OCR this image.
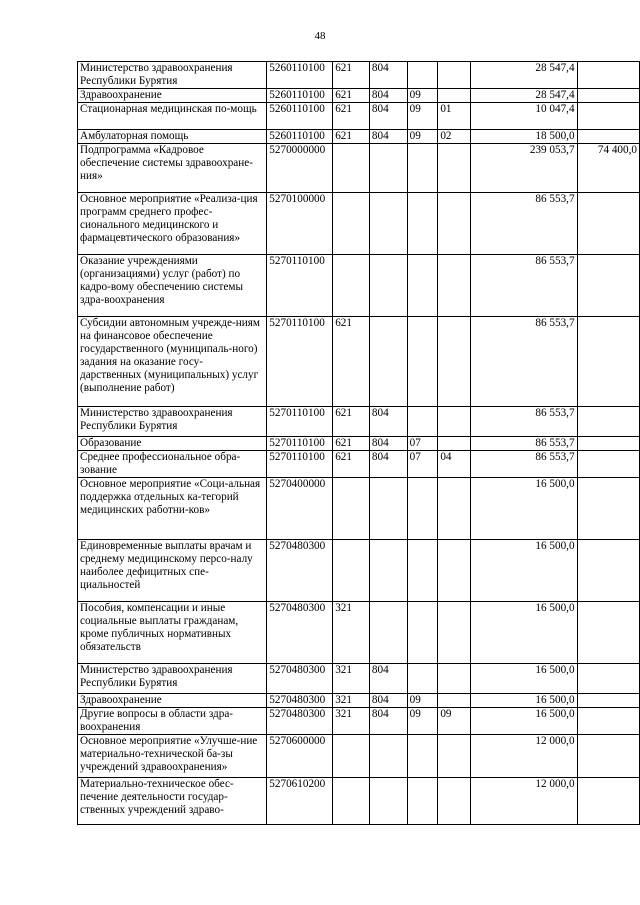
48
Министерство здравоохранения Республики Бурятия	5260110100	621	804			28 547,4	
Здравоохранение	5260110100	621	804	09		28 547,4	
Стационарная медицинская по-мощь	5260110100	621	804	09	01	10 047,4	
Амбулаторная помощь	5260110100	621	804	09	02	18 500,0	
Подпрограмма «Кадровое обеспечение системы здравоохране-ния»	5270000000					239 053,7	74 400,0
Основное мероприятие «Реализа-ция программ среднего профес-сионального медицинского и фармацевтического образования»	5270100000					86 553,7	
Оказание учреждениями (организациями) услуг (работ) по кадро-вому обеспечению системы здра-воохранения	5270110100					86 553,7	
Субсидии автономным учрежде-ниям на финансовое обеспечение государственного (муниципаль-ного) задания на оказание госу-дарственных (муниципальных) услуг (выполнение работ)	5270110100	621				86 553,7	
Министерство здравоохранения Республики Бурятия	5270110100	621	804			86 553,7	
Образование	5270110100	621	804	07		86 553,7	
Среднее профессиональное обра-зование	5270110100	621	804	07	04	86 553,7	
Основное мероприятие «Соци-альная поддержка отдельных ка-тегорий медицинских работни-ков»	5270400000					16 500,0	
Единовременные выплаты врачам и среднему медицинскому персо-налу наиболее дефицитных спе-циальностей	5270480300					16 500,0	
Пособия, компенсации и иные социальные выплаты гражданам, кроме публичных нормативных обязательств	5270480300	321				16 500,0	
Министерство здравоохранения Республики Бурятия	5270480300	321	804			16 500,0	
Здравоохранение	5270480300	321	804	09		16 500,0	
Другие вопросы в области здра-воохранения	5270480300	321	804	09	09	16 500,0	
Основное мероприятие «Улучше-ние материально-технической ба-зы учреждений здравоохранения»	5270600000					12 000,0	
Материально-техническое обес-печение деятельности государ-ственных учреждений здраво-	5270610200					12 000,0	
